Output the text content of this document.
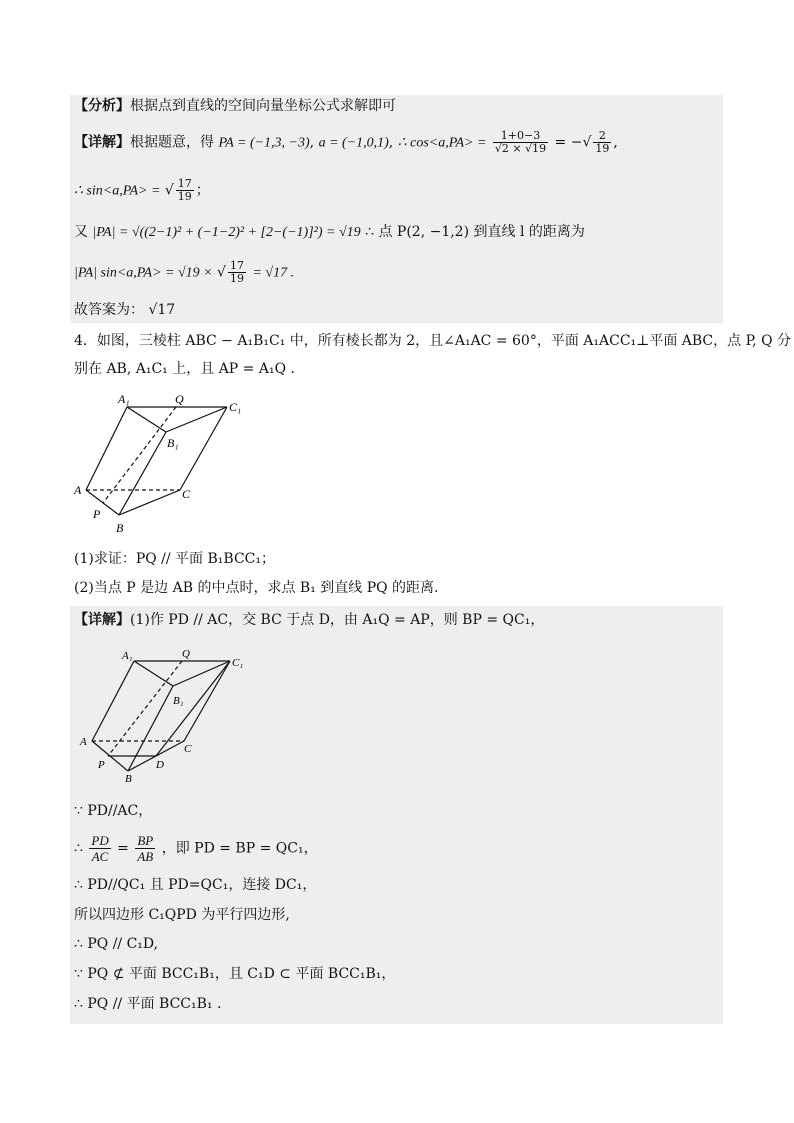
【分析】根据点到直线的空间向量坐标公式求解即可
【详解】根据题意，得 PA = (−1,3, −3), a = (−1,0,1), ∴ $\cos<a,PA> = \frac{1+0-3}{√2 \times √19}$ = −√ $\frac{2}{19}$ ,
∴ sin<a,PA> = √ $\frac{17}{19}$ ；
又 |PA| = √((2−1)² + (−1−2)² + [2−(−1)]²) = √19 ∴ 点 P(2, −1,2) 到直线 l 的距离为
|PA| sin<a,PA> = √19 × √ $\frac{17}{19} = √17$ .
故答案为： √17
4．如图，三棱柱 ABC − A₁B₁C₁ 中，所有棱长都为 2，且∠A₁AC = 60°，平面 A₁ACC₁⊥平面 ABC，点 P, Q 分
别在 AB, A₁C₁ 上，且 AP = A₁Q .
A₁	Q
C₁
B₁
A	C
P
B
(1)求证：PQ // 平面 B₁BCC₁；
(2)当点 P 是边 AB 的中点时，求点 B₁ 到直线 PQ 的距离.
【详解】(1)作 PD // AC，交 BC 于点 D，由 A₁Q = AP，则 BP = QC₁，
A₁	Q
C₁
B₁
A
C
P
B
D
∵ PD//AC，
∴ $\frac{PD}{AC} = \frac{BP}{AB}$ ，即 PD = BP = QC₁，
∴ PD//QC₁ 且 PD=QC₁，连接 DC₁，
所以四边形 C₁QPD 为平行四边形,
∴ PQ // C₁D,
∵ PQ ⊄ 平面 BCC₁B₁，且 C₁D ⊂ 平面 BCC₁B₁，
∴ PQ // 平面 BCC₁B₁ .
